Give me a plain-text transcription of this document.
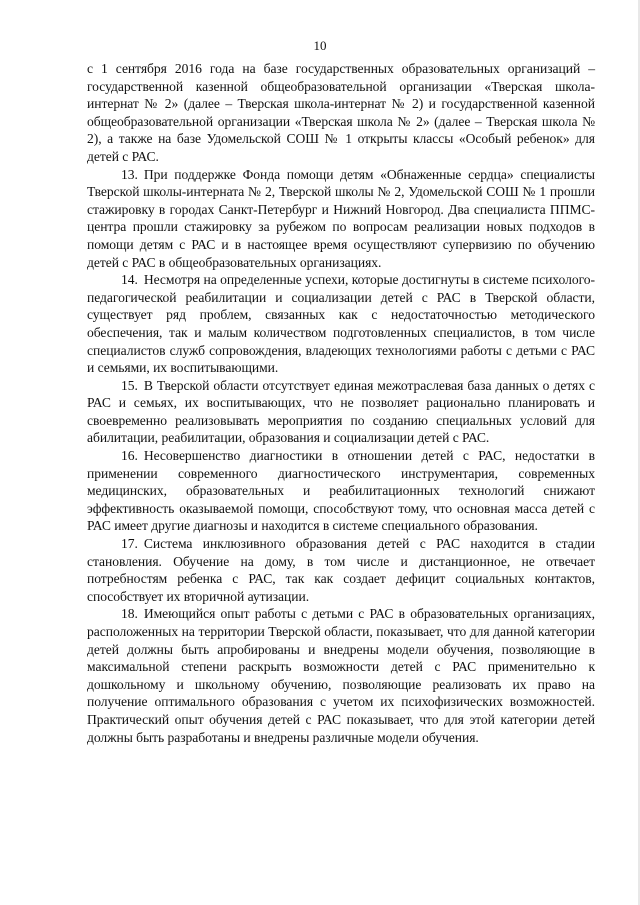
10

с 1 сентября 2016 года на базе государственных образовательных организаций – государственной казенной общеобразовательной организации «Тверская школа-интернат № 2» (далее – Тверская школа-интернат № 2) и государственной казенной общеобразовательной организации «Тверская школа № 2» (далее – Тверская школа № 2), а также на базе Удомельской СОШ № 1 открыты классы «Особый ребенок» для детей с РАС.

13. При поддержке Фонда помощи детям «Обнаженные сердца» специалисты Тверской школы-интерната № 2, Тверской школы № 2, Удомельской СОШ № 1 прошли стажировку в городах Санкт-Петербург и Нижний Новгород. Два специалиста ППМС-центра прошли стажировку за рубежом по вопросам реализации новых подходов в помощи детям с РАС и в настоящее время осуществляют супервизию по обучению детей с РАС в общеобразовательных организациях.

14. Несмотря на определенные успехи, которые достигнуты в системе психолого-педагогической реабилитации и социализации детей с РАС в Тверской области, существует ряд проблем, связанных как с недостаточностью методического обеспечения, так и малым количеством подготовленных специалистов, в том числе специалистов служб сопровождения, владеющих технологиями работы с детьми с РАС и семьями, их воспитывающими.

15. В Тверской области отсутствует единая межотраслевая база данных о детях с РАС и семьях, их воспитывающих, что не позволяет рационально планировать и своевременно реализовывать мероприятия по созданию специальных условий для абилитации, реабилитации, образования и социализации детей с РАС.

16. Несовершенство диагностики в отношении детей с РАС, недостатки в применении современного диагностического инструментария, современных медицинских, образовательных и реабилитационных технологий снижают эффективность оказываемой помощи, способствуют тому, что основная масса детей с РАС имеет другие диагнозы и находится в системе специального образования.

17. Система инклюзивного образования детей с РАС находится в стадии становления. Обучение на дому, в том числе и дистанционное, не отвечает потребностям ребенка с РАС, так как создает дефицит социальных контактов, способствует их вторичной аутизации.

18. Имеющийся опыт работы с детьми с РАС в образовательных организациях, расположенных на территории Тверской области, показывает, что для данной категории детей должны быть апробированы и внедрены модели обучения, позволяющие в максимальной степени раскрыть возможности детей с РАС применительно к дошкольному и школьному обучению, позволяющие реализовать их право на получение оптимального образования с учетом их психофизических возможностей. Практический опыт обучения детей с РАС показывает, что для этой категории детей должны быть разработаны и внедрены различные модели обучения.
